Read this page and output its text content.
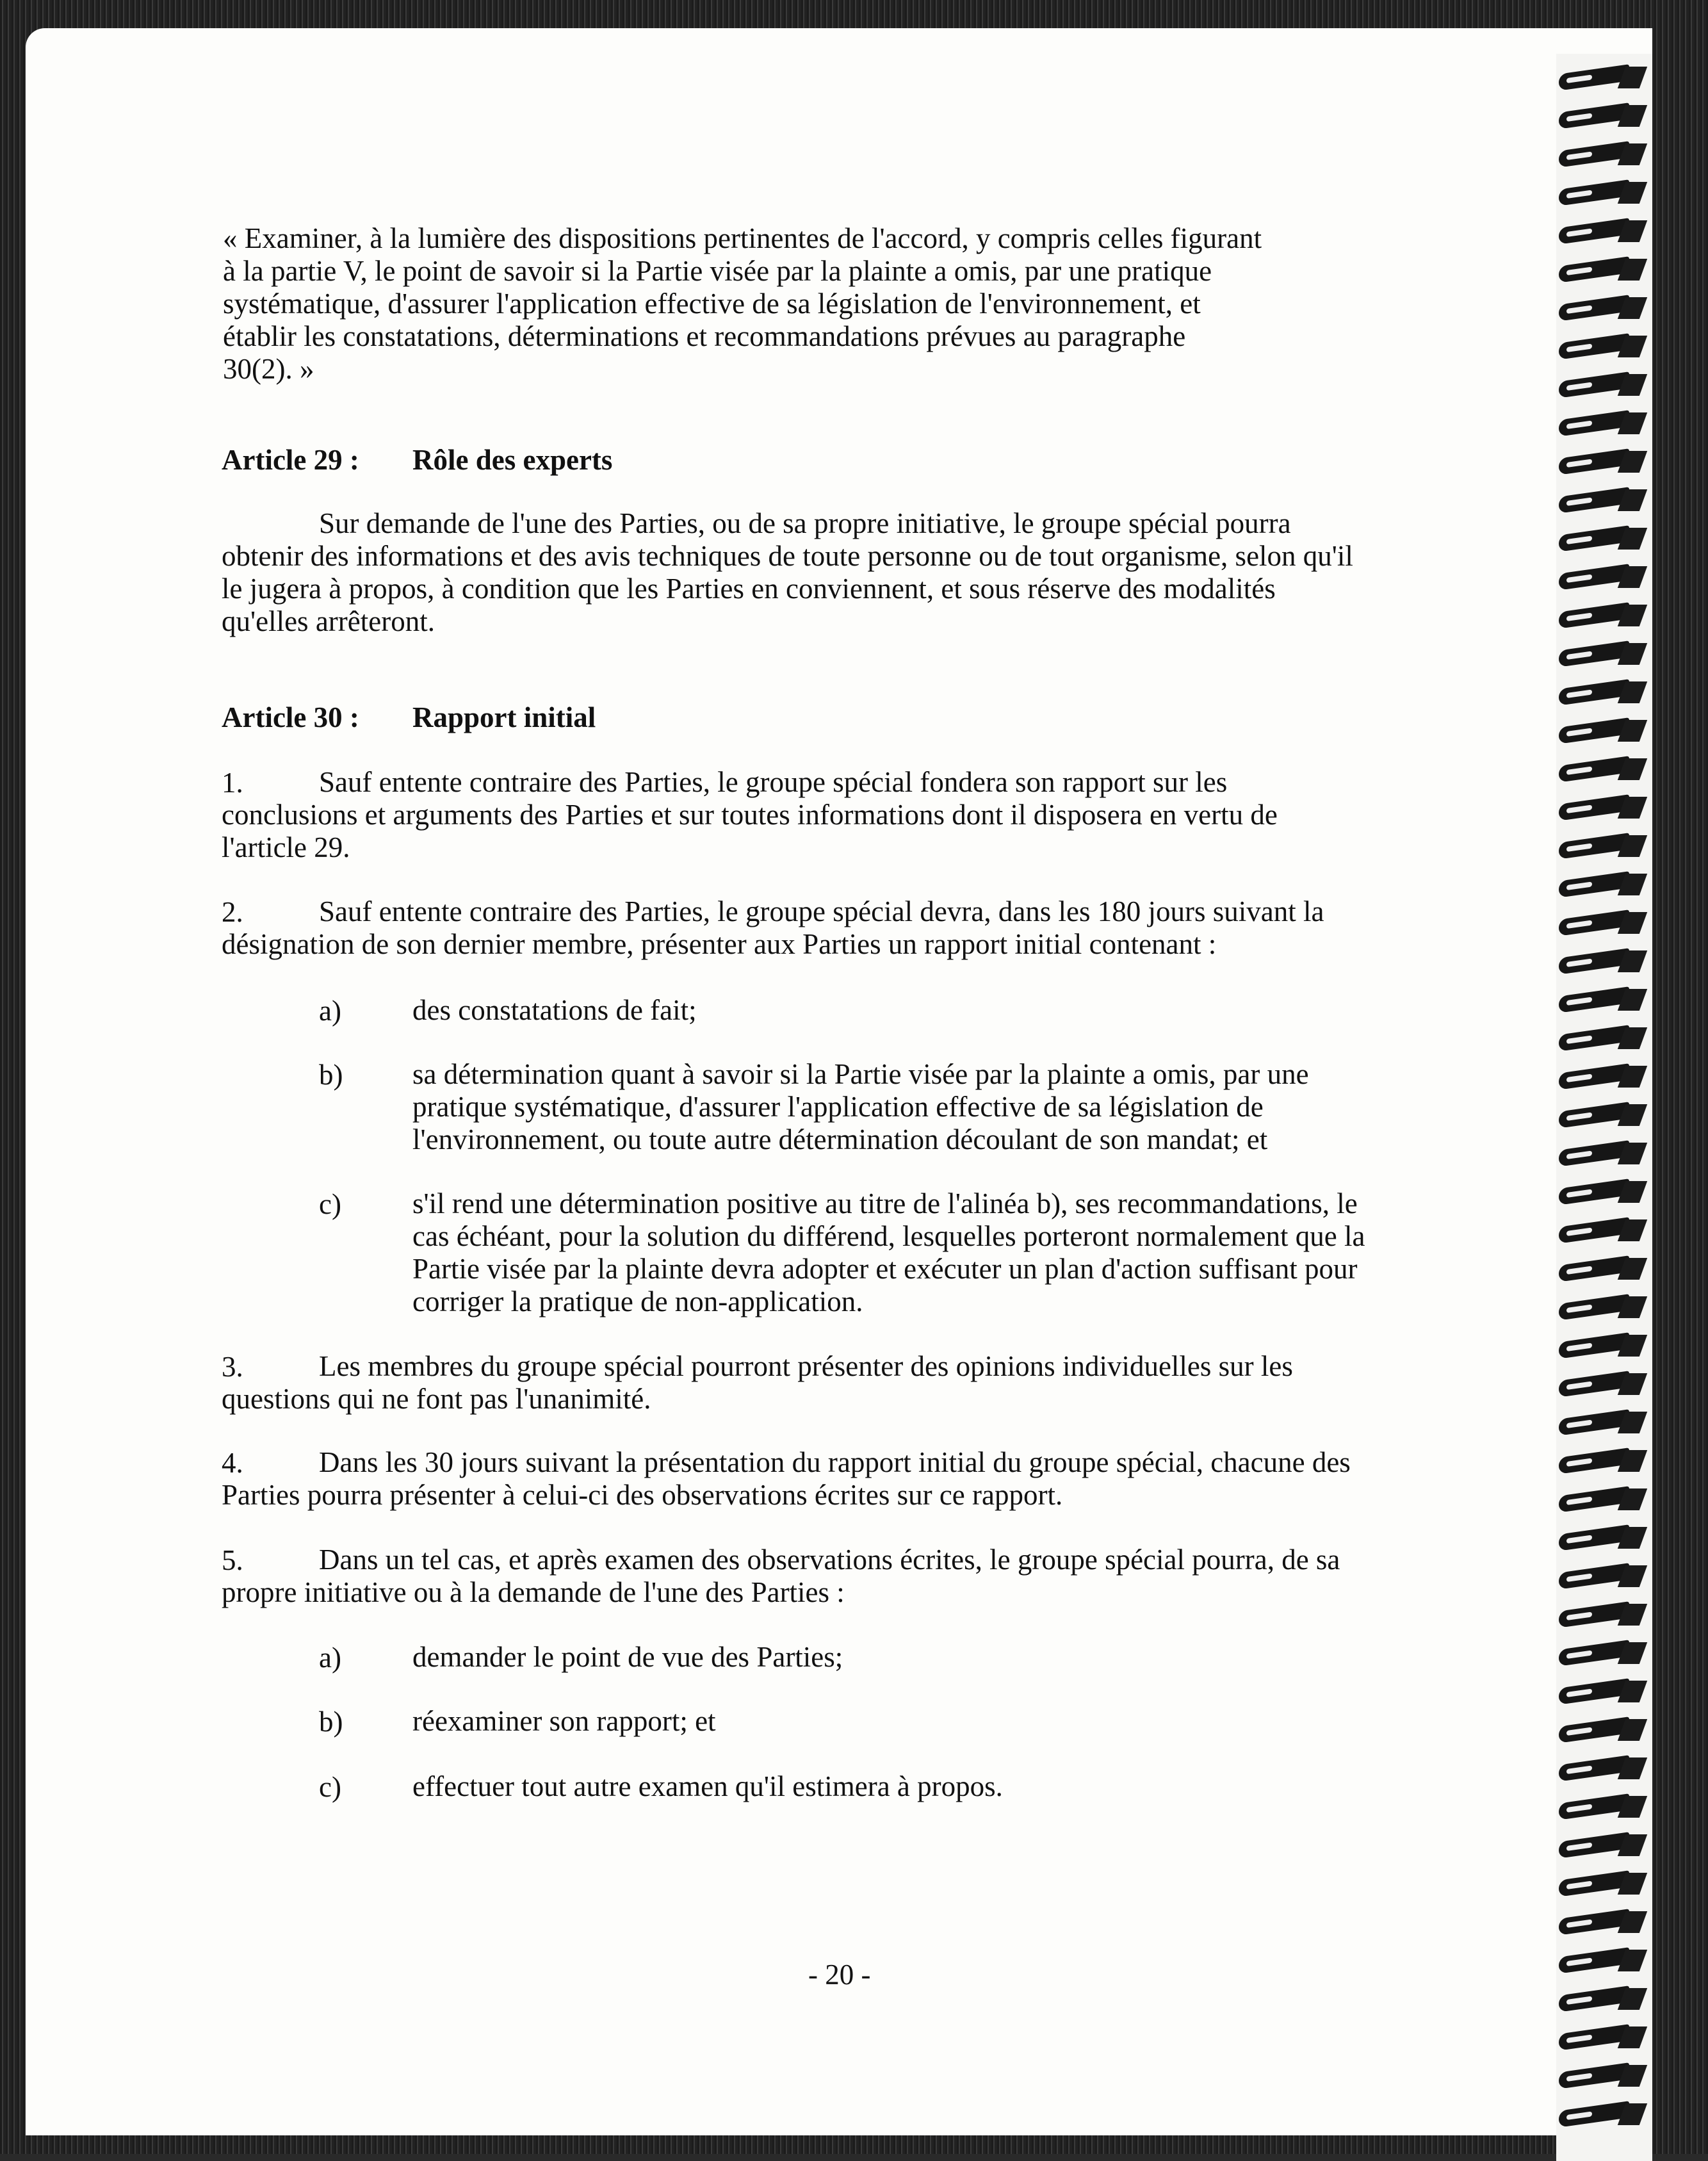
« Examiner, à la lumière des dispositions pertinentes de l'accord, y compris celles figurant
à la partie V, le point de savoir si la Partie visée par la plainte a omis, par une pratique
systématique, d'assurer l'application effective de sa législation de l'environnement, et
établir les constatations, déterminations et recommandations prévues au paragraphe
30(2). »
Article 29 : Rôle des experts
Sur demande de l'une des Parties, ou de sa propre initiative, le groupe spécial pourra
obtenir des informations et des avis techniques de toute personne ou de tout organisme, selon qu'il
le jugera à propos, à condition que les Parties en conviennent, et sous réserve des modalités
qu'elles arrêteront.
Article 30 : Rapport initial
1.	Sauf entente contraire des Parties, le groupe spécial fondera son rapport sur les
conclusions et arguments des Parties et sur toutes informations dont il disposera en vertu de
l'article 29.
2.	Sauf entente contraire des Parties, le groupe spécial devra, dans les 180 jours suivant la
désignation de son dernier membre, présenter aux Parties un rapport initial contenant :
a) des constatations de fait;
b) sa détermination quant à savoir si la Partie visée par la plainte a omis, par une
pratique systématique, d'assurer l'application effective de sa législation de
l'environnement, ou toute autre détermination découlant de son mandat; et
c) s'il rend une détermination positive au titre de l'alinéa b), ses recommandations, le
cas échéant, pour la solution du différend, lesquelles porteront normalement que la
Partie visée par la plainte devra adopter et exécuter un plan d'action suffisant pour
corriger la pratique de non-application.
3.	Les membres du groupe spécial pourront présenter des opinions individuelles sur les
questions qui ne font pas l'unanimité.
4.	Dans les 30 jours suivant la présentation du rapport initial du groupe spécial, chacune des
Parties pourra présenter à celui-ci des observations écrites sur ce rapport.
5.	Dans un tel cas, et après examen des observations écrites, le groupe spécial pourra, de sa
propre initiative ou à la demande de l'une des Parties :
a) demander le point de vue des Parties;
b) réexaminer son rapport; et
c) effectuer tout autre examen qu'il estimera à propos.
- 20 -
